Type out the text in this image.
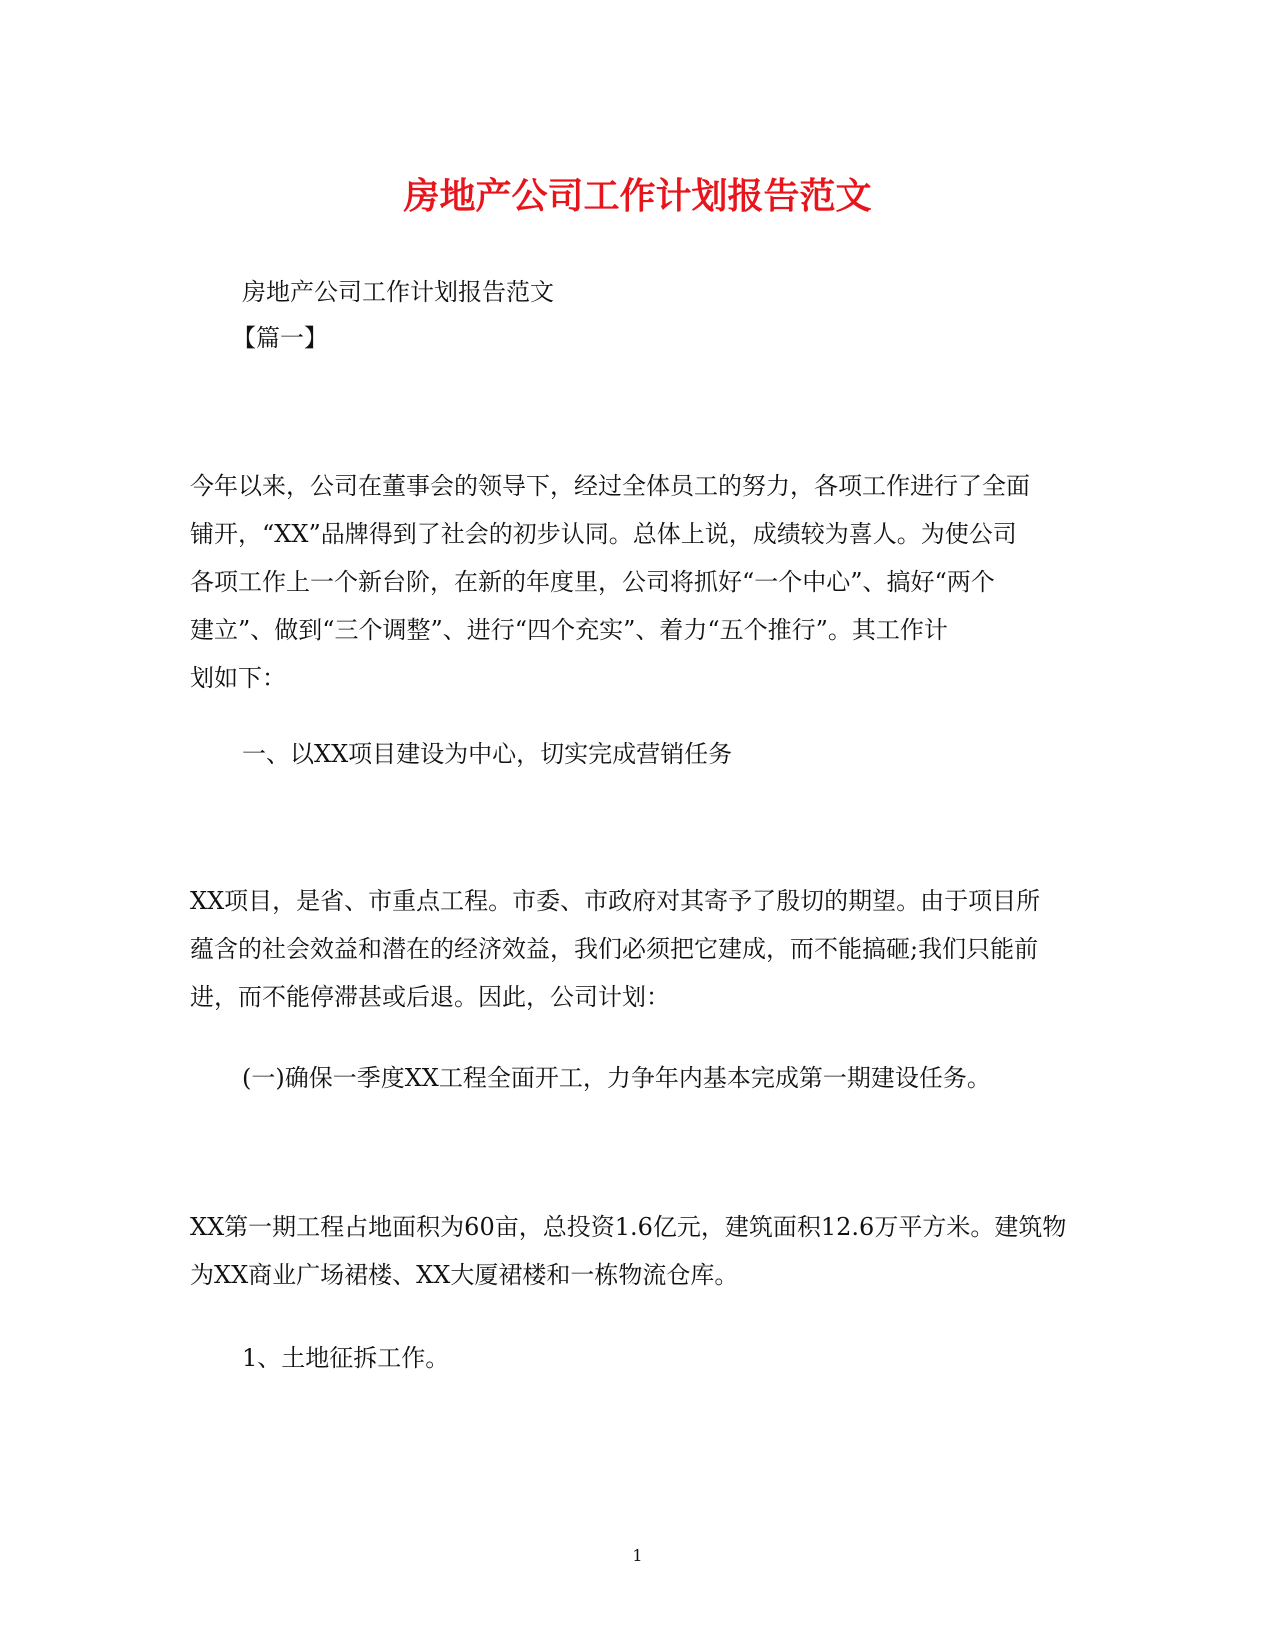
房地产公司工作计划报告范文
房地产公司工作计划报告范文
【篇一】

今年以来，公司在董事会的领导下，经过全体员工的努力，各项工作进行了全面

铺开，“XX”品牌得到了社会的初步认同。总体上说，成绩较为喜人。为使公司

各项工作上一个新台阶，在新的年度里，公司将抓好“一个中心”、搞好“两个

建立”、做到“三个调整”、进行“四个充实”、着力“五个推行”。其工作计

划如下：

一、以XX项目建设为中心，切实完成营销任务

XX项目，是省、市重点工程。市委、市政府对其寄予了殷切的期望。由于项目所

蕴含的社会效益和潜在的经济效益，我们必须把它建成，而不能搞砸;我们只能前

进，而不能停滞甚或后退。因此，公司计划：

(一)确保一季度XX工程全面开工，力争年内基本完成第一期建设任务。

XX第一期工程占地面积为60亩，总投资1.6亿元，建筑面积12.6万平方米。建筑物

为XX商业广场裙楼、XX大厦裙楼和一栋物流仓库。

1、土地征拆工作。
1
